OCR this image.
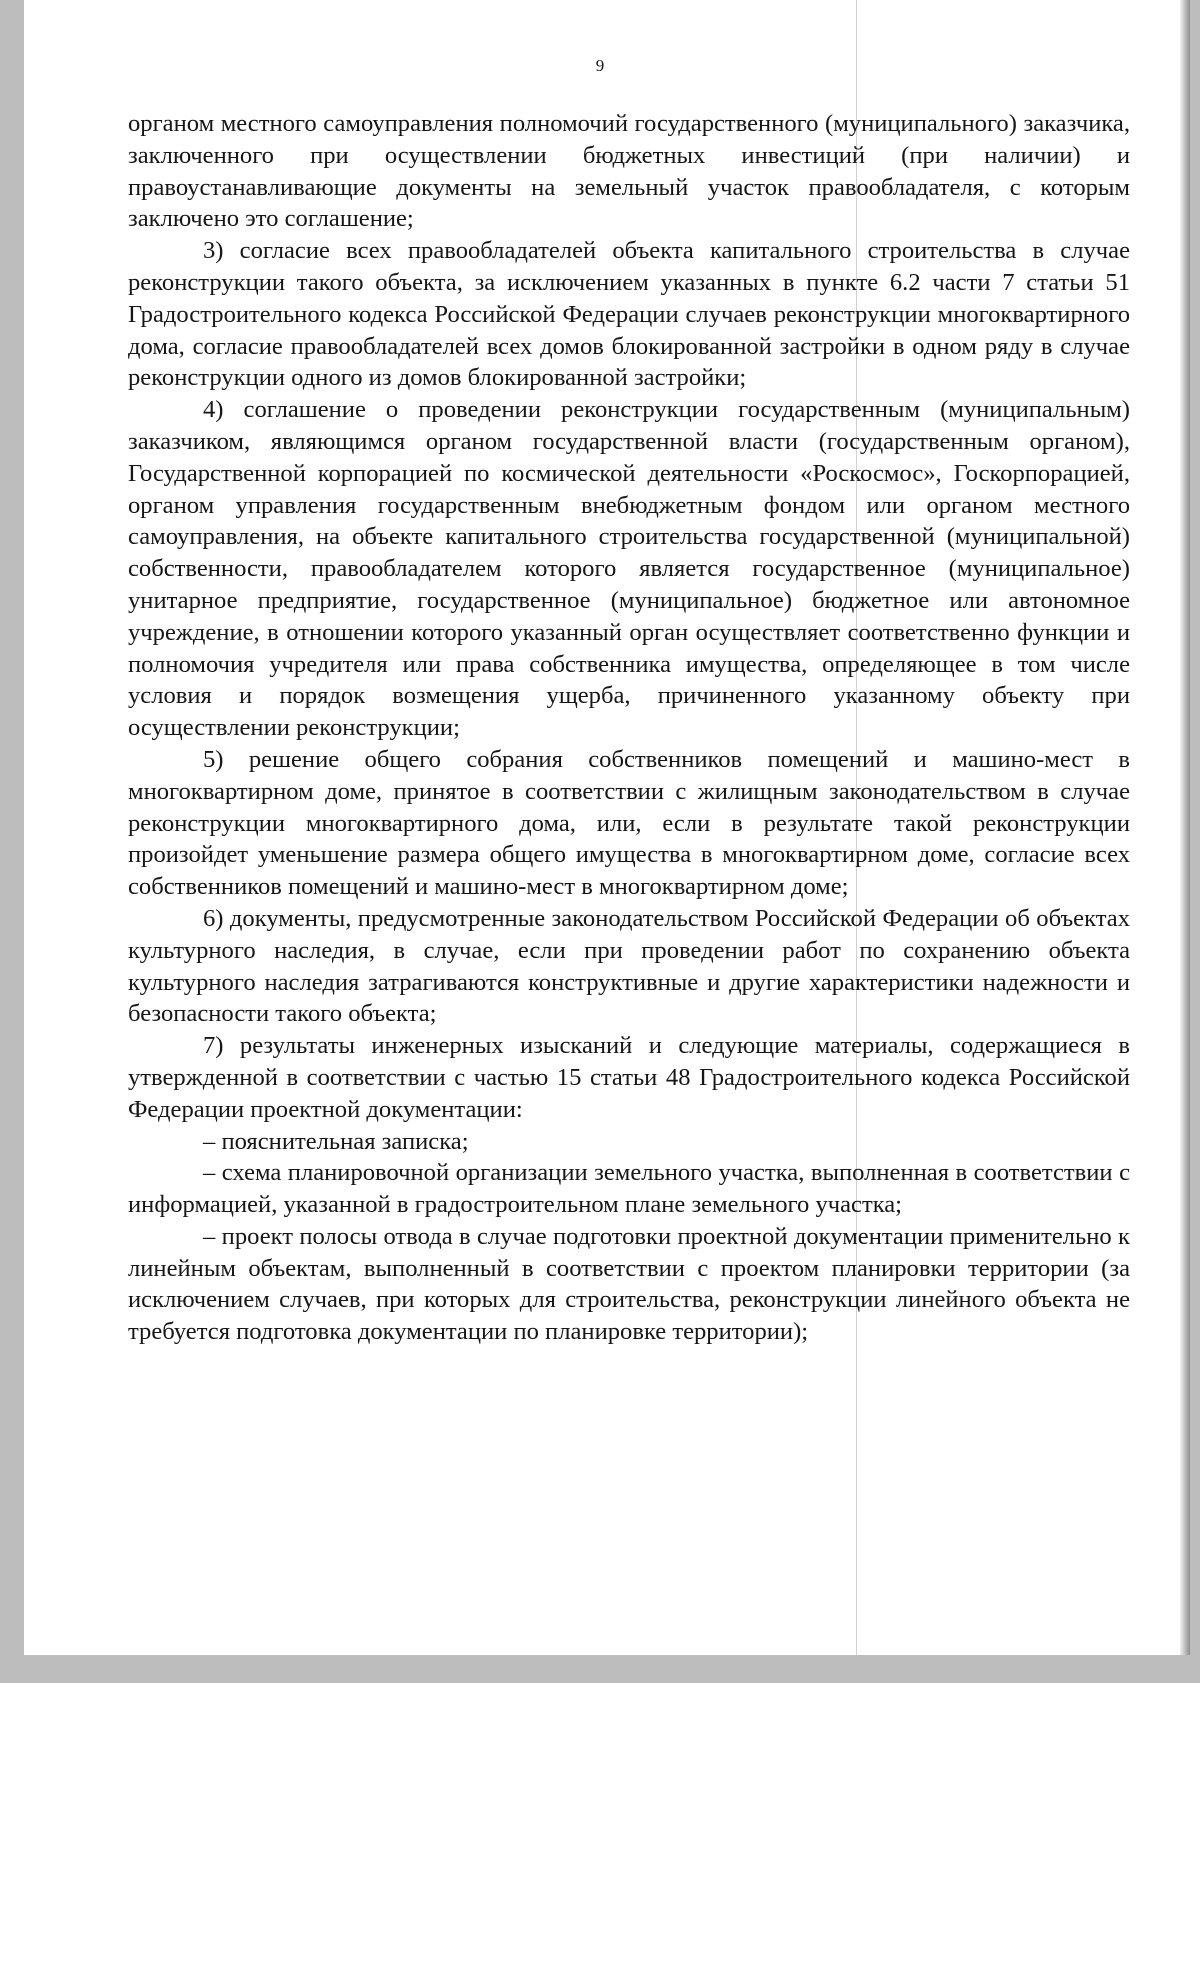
9

органом местного самоуправления полномочий государственного (муниципального) заказчика, заключенного при осуществлении бюджетных инвестиций (при наличии) и правоустанавливающие документы на земельный участок правообладателя, с которым заключено это соглашение;

3) согласие всех правообладателей объекта капитального строительства в случае реконструкции такого объекта, за исключением указанных в пункте 6.2 части 7 статьи 51 Градостроительного кодекса Российской Федерации случаев реконструкции многоквартирного дома, согласие правообладателей всех домов блокированной застройки в одном ряду в случае реконструкции одного из домов блокированной застройки;

4) соглашение о проведении реконструкции государственным (муниципальным) заказчиком, являющимся органом государственной власти (государственным органом), Государственной корпорацией по космической деятельности «Роскосмос», Госкорпорацией, органом управления государственным внебюджетным фондом или органом местного самоуправления, на объекте капитального строительства государственной (муниципальной) собственности, правообладателем которого является государственное (муниципальное) унитарное предприятие, государственное (муниципальное) бюджетное или автономное учреждение, в отношении которого указанный орган осуществляет соответственно функции и полномочия учредителя или права собственника имущества, определяющее в том числе условия и порядок возмещения ущерба, причиненного указанному объекту при осуществлении реконструкции;

5) решение общего собрания собственников помещений и машино-мест в многоквартирном доме, принятое в соответствии с жилищным законодательством в случае реконструкции многоквартирного дома, или, если в результате такой реконструкции произойдет уменьшение размера общего имущества в многоквартирном доме, согласие всех собственников помещений и машино-мест в многоквартирном доме;

6) документы, предусмотренные законодательством Российской Федерации об объектах культурного наследия, в случае, если при проведении работ по сохранению объекта культурного наследия затрагиваются конструктивные и другие характеристики надежности и безопасности такого объекта;

7) результаты инженерных изысканий и следующие материалы, содержащиеся в утвержденной в соответствии с частью 15 статьи 48 Градостроительного кодекса Российской Федерации проектной документации:

– пояснительная записка;

– схема планировочной организации земельного участка, выполненная в соответствии с информацией, указанной в градостроительном плане земельного участка;

– проект полосы отвода в случае подготовки проектной документации применительно к линейным объектам, выполненный в соответствии с проектом планировки территории (за исключением случаев, при которых для строительства, реконструкции линейного объекта не требуется подготовка документации по планировке территории);
